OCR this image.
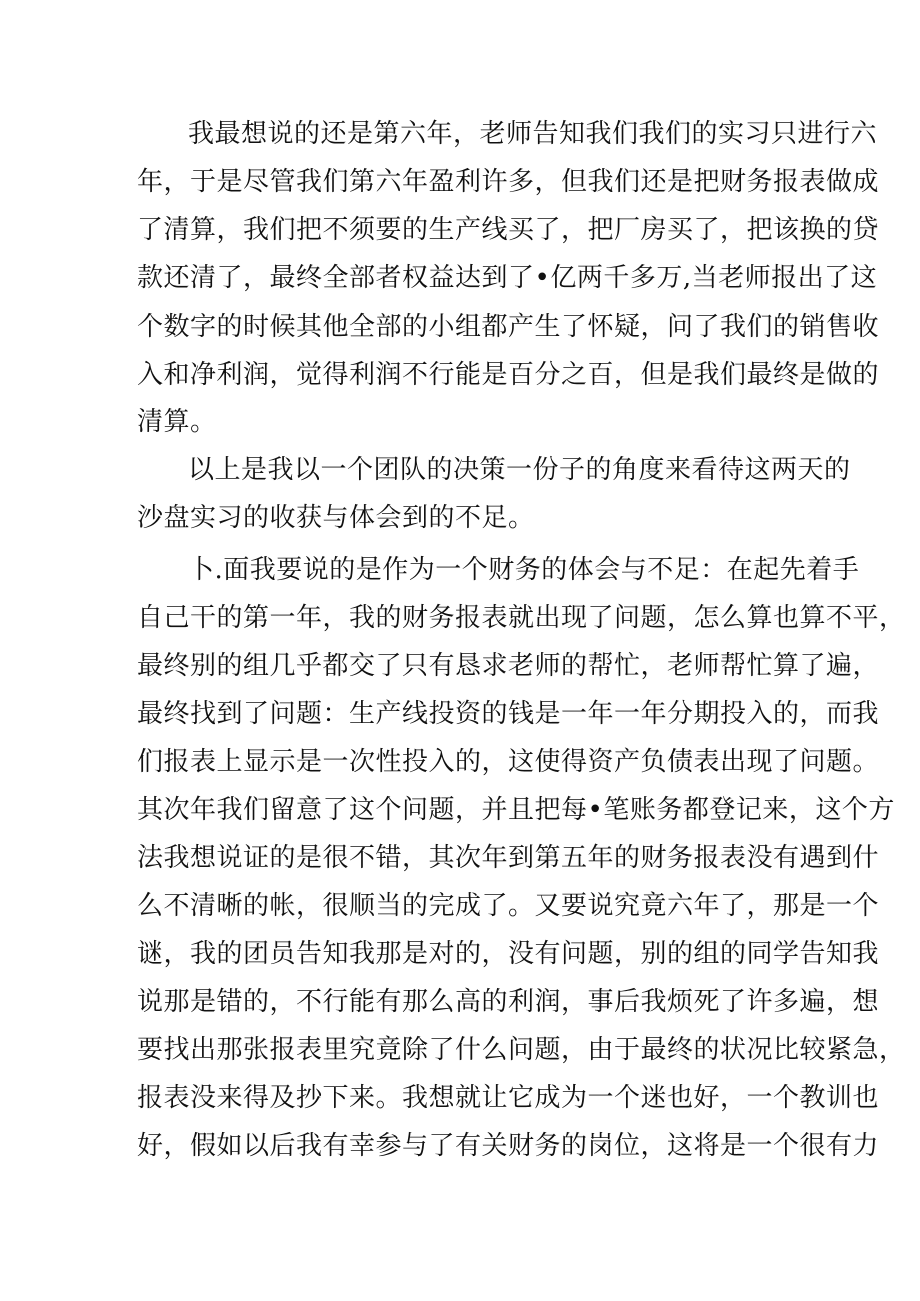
我最想说的还是第六年，老师告知我们我们的实习只进行六
年，于是尽管我们第六年盈利许多，但我们还是把财务报表做成
了清算，我们把不须要的生产线买了，把厂房买了，把该换的贷
款还清了，最终全部者权益达到了•亿两千多万,当老师报出了这
个数字的时候其他全部的小组都产生了怀疑，问了我们的销售收
入和净利润，觉得利润不行能是百分之百，但是我们最终是做的
清算。
以上是我以一个团队的决策一份子的角度来看待这两天的
沙盘实习的收获与体会到的不足。
卜.面我要说的是作为一个财务的体会与不足：在起先着手
自己干的第一年，我的财务报表就出现了问题，怎么算也算不平，
最终别的组几乎都交了只有恳求老师的帮忙，老师帮忙算了遍，
最终找到了问题：生产线投资的钱是一年一年分期投入的，而我
们报表上显示是一次性投入的，这使得资产负债表出现了问题。
其次年我们留意了这个问题，并且把每•笔账务都登记来，这个方
法我想说证的是很不错，其次年到第五年的财务报表没有遇到什
么不清晰的帐，很顺当的完成了。又要说究竟六年了，那是一个
谜，我的团员告知我那是对的，没有问题，别的组的同学告知我
说那是错的，不行能有那么高的利润，事后我烦死了许多遍，想
要找出那张报表里究竟除了什么问题，由于最终的状况比较紧急，
报表没来得及抄下来。我想就让它成为一个迷也好，一个教训也
好，假如以后我有幸参与了有关财务的岗位，这将是一个很有力
